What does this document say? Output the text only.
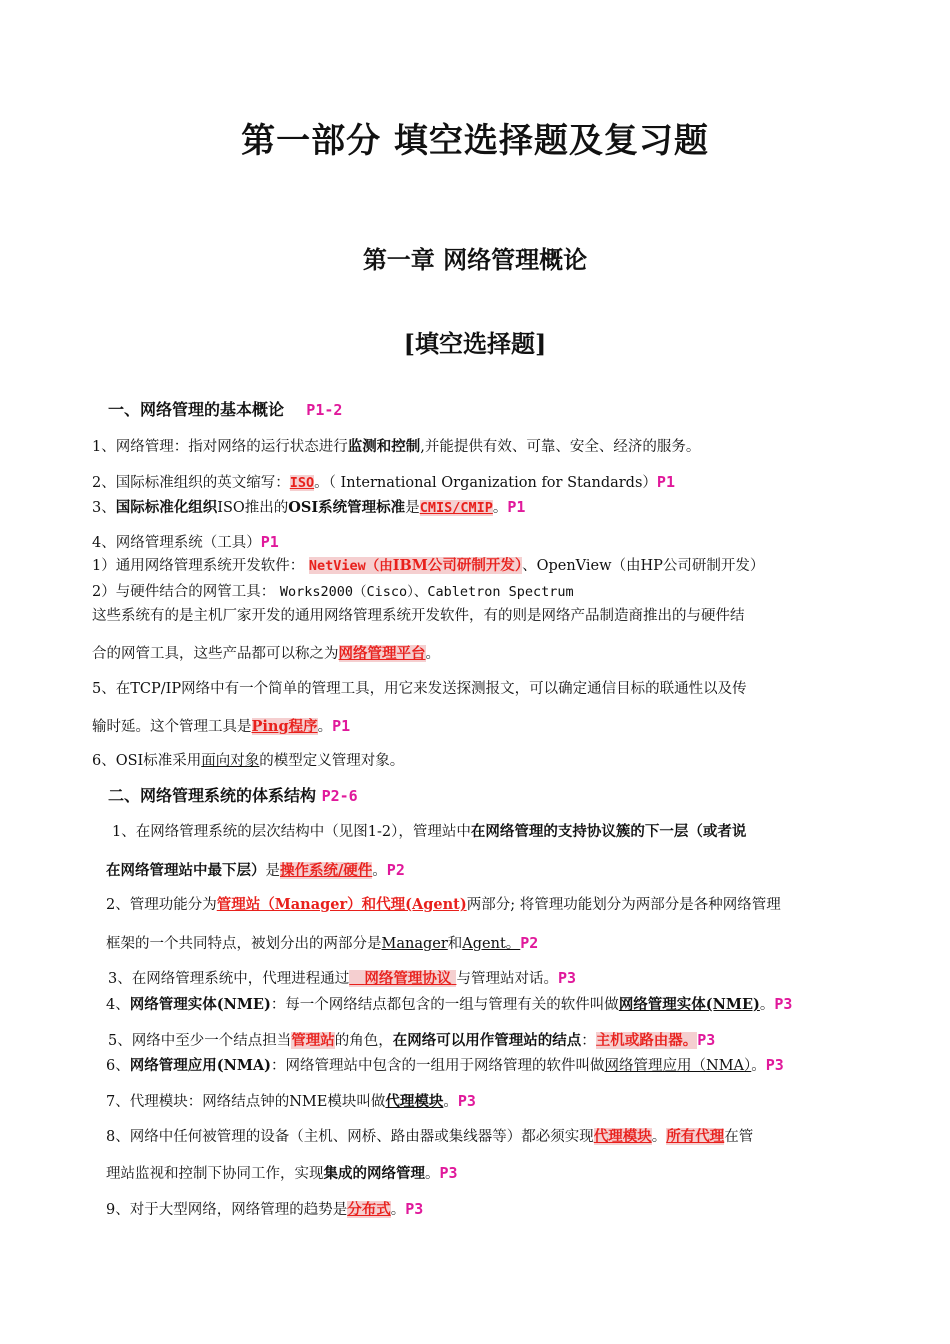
第一部分 填空选择题及复习题
第一章 网络管理概论
[填空选择题]
一、网络管理的基本概论 P1-2
1、网络管理：指对网络的运行状态进行监测和控制,并能提供有效、可靠、安全、经济的服务。
2、国际标准组织的英文缩写：ISO。（ International Organization for Standards）P1
3、国际标准化组织ISO推出的OSI系统管理标准是CMIS/CMIP。P1
4、网络管理系统（工具）P1
1）通用网络管理系统开发软件： NetView（由IBM公司研制开发）、OpenView（由HP公司研制开发）
2）与硬件结合的网管工具： Works2000（Cisco）、Cabletron Spectrum
这些系统有的是主机厂家开发的通用网络管理系统开发软件，有的则是网络产品制造商推出的与硬件结
合的网管工具，这些产品都可以称之为网络管理平台。
5、在TCP/IP网络中有一个简单的管理工具，用它来发送探测报文，可以确定通信目标的联通性以及传
输时延。这个管理工具是Ping程序。P1
6、OSI标准采用面向对象的模型定义管理对象。
二、网络管理系统的体系结构 P2-6
1、在网络管理系统的层次结构中（见图1-2），管理站中在网络管理的支持协议簇的下一层（或者说
在网络管理站中最下层）是操作系统/硬件。P2
2、管理功能分为管理站（Manager）和代理(Agent)两部分; 将管理功能划分为两部分是各种网络管理
框架的一个共同特点，被划分出的两部分是Manager和Agent。P2
3、在网络管理系统中，代理进程通过 网络管理协议 与管理站对话。P3
4、网络管理实体(NME)：每一个网络结点都包含的一组与管理有关的软件叫做网络管理实体(NME)。P3
5、网络中至少一个结点担当管理站的角色，在网络可以用作管理站的结点：主机或路由器。P3
6、网络管理应用(NMA)：网络管理站中包含的一组用于网络管理的软件叫做网络管理应用（NMA）。P3
7、代理模块：网络结点钟的NME模块叫做代理模块。P3
8、网络中任何被管理的设备（主机、网桥、路由器或集线器等）都必须实现代理模块。所有代理在管
理站监视和控制下协同工作，实现集成的网络管理。P3
9、对于大型网络，网络管理的趋势是分布式。P3
